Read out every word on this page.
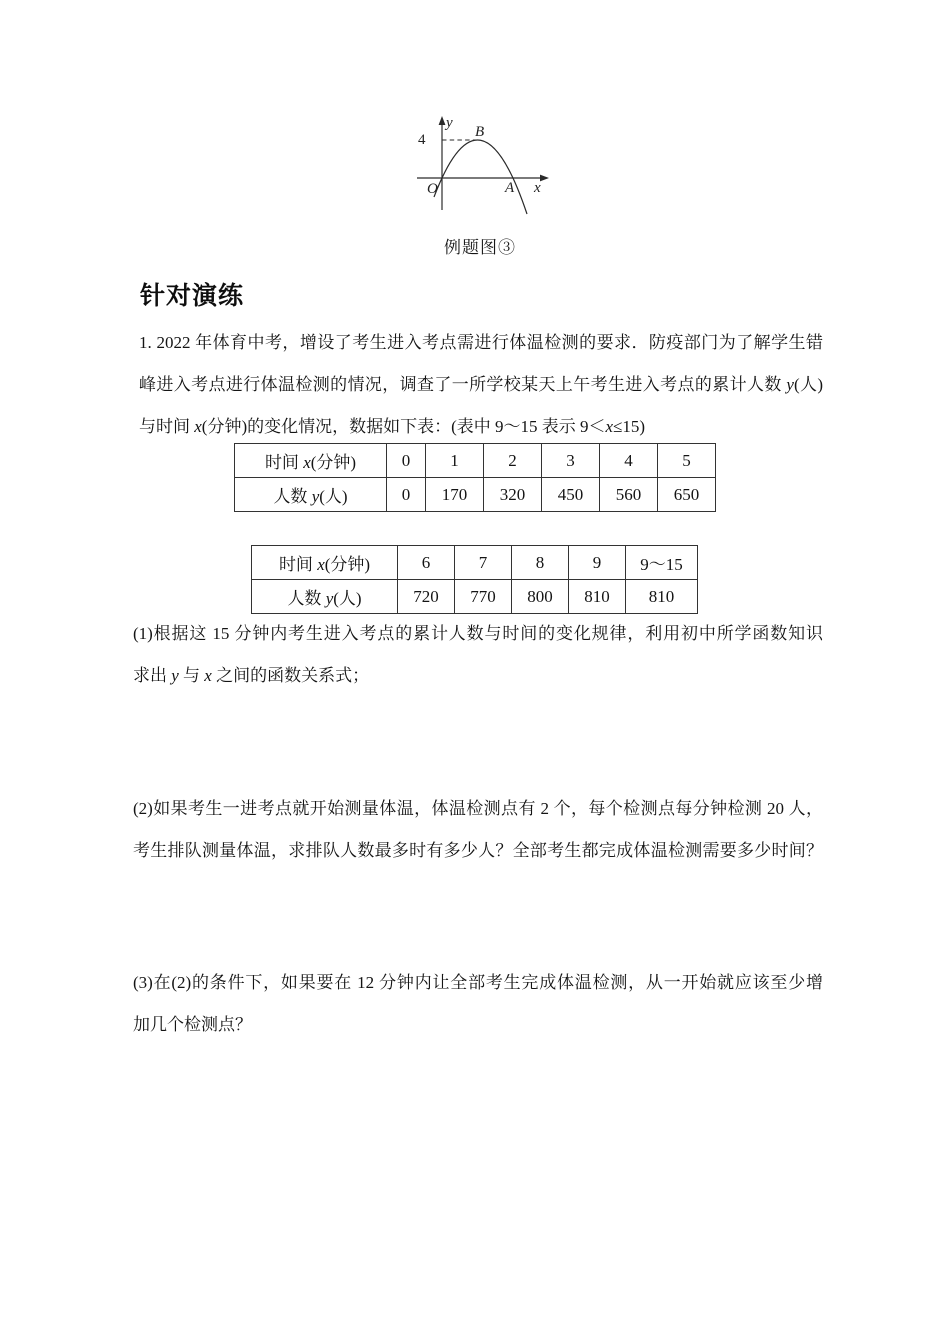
y
x
4	B
O	A
例题图③
针对演练
1. 2022 年体育中考，增设了考生进入考点需进行体温检测的要求．防疫部门为了解学生错
峰进入考点进行体温检测的情况，调查了一所学校某天上午考生进入考点的累计人数 y(人)
与时间 x(分钟)的变化情况，数据如下表：(表中 9～15 表示 9＜x≤15)
时间 x(分钟)	0	1	2	3	4	5
人数 y(人)	0	170	320	450	560	650
时间 x(分钟)	6	7	8	9	9～15
人数 y(人)	720	770	800	810	810
(1)根据这 15 分钟内考生进入考点的累计人数与时间的变化规律，利用初中所学函数知识
求出 y 与 x 之间的函数关系式；
(2)如果考生一进考点就开始测量体温，体温检测点有 2 个，每个检测点每分钟检测 20 人，
考生排队测量体温，求排队人数最多时有多少人？全部考生都完成体温检测需要多少时间？
(3)在(2)的条件下，如果要在 12 分钟内让全部考生完成体温检测，从一开始就应该至少增
加几个检测点？
